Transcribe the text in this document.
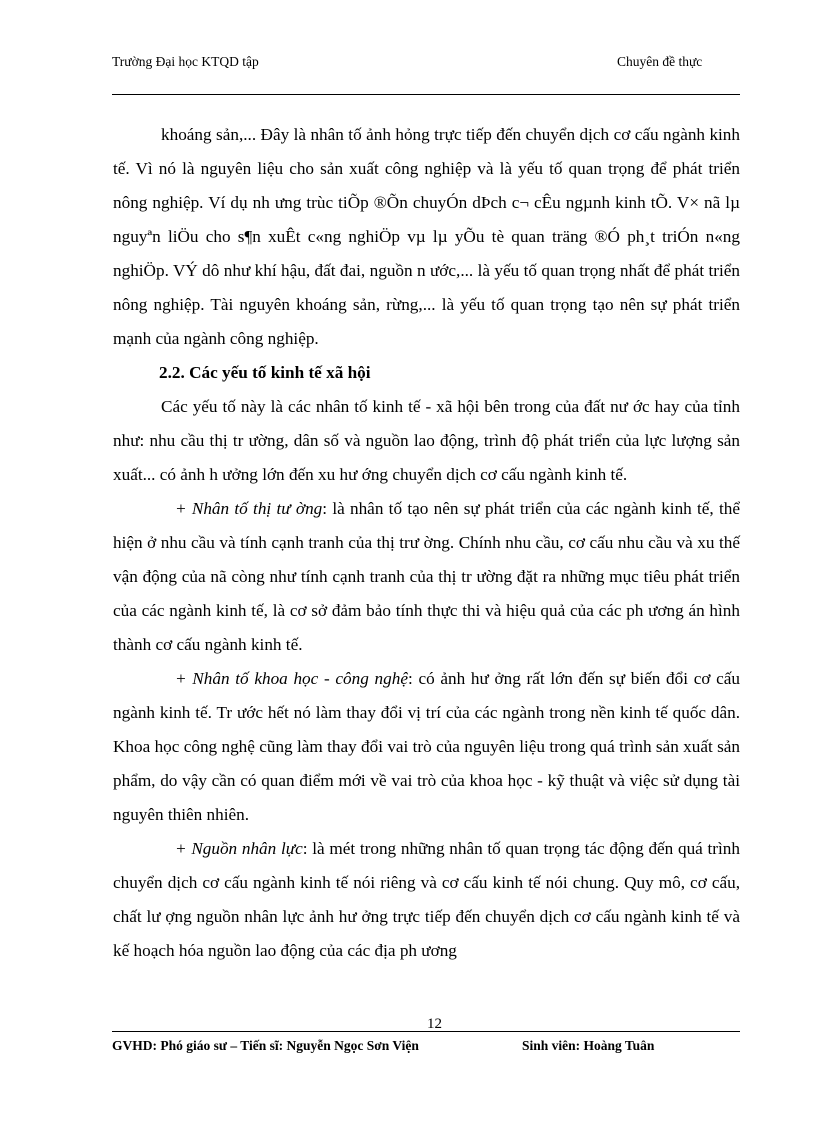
Trường Đại học KTQD tập	Chuyên đề thực

khoáng sản,... Đây là nhân tố ảnh hỏng trực tiếp đến chuyển dịch cơ cấu ngành kinh tế. Vì nó là nguyên liệu cho sản xuất công nghiệp và là yếu tố quan trọng để phát triển nông nghiệp. Ví dụ nh ưng trùc tiÕp ®Õn chuyÓn dÞch c¬ cÊu ngµnh kinh tÕ. V× nã lµ nguyªn liÖu cho s¶n xuÊt c«ng nghiÖp vµ lµ yÕu tè quan träng ®Ó ph¸t triÓn n«ng nghiÖp. VÝ dô như khí hậu, đất đai, nguồn n ước,... là yếu tố quan trọng nhất để phát triển nông nghiệp. Tài nguyên khoáng sản, rừng,... là yếu tố quan trọng tạo nên sự phát triển mạnh của ngành công nghiệp.

2.2. Các yếu tố kinh tế xã hội

Các yếu tố này là các nhân tố kinh tế - xã hội bên trong của đất nư ớc hay của tỉnh như: nhu cầu thị tr ường, dân số và nguồn lao động, trình độ phát triển của lực lượng sản xuất... có ảnh h ưởng lớn đến xu hư ớng chuyển dịch cơ cấu ngành kinh tế.

+ Nhân tố thị tư ờng: là nhân tố tạo nên sự phát triển của các ngành kinh tế, thể hiện ở nhu cầu và tính cạnh tranh của thị trư ờng. Chính nhu cầu, cơ cấu nhu cầu và xu thế vận động của nã còng như tính cạnh tranh của thị tr ường đặt ra những mục tiêu phát triển của các ngành kinh tế, là cơ sở đảm bảo tính thực thi và hiệu quả của các ph ương án hình thành cơ cấu ngành kinh tế.

+ Nhân tố khoa học - công nghệ: có ảnh hư ởng rất lớn đến sự biến đổi cơ cấu ngành kinh tế. Tr ước hết nó làm thay đổi vị trí của các ngành trong nền kinh tế quốc dân. Khoa học công nghệ cũng làm thay đổi vai trò của nguyên liệu trong quá trình sản xuất sản phẩm, do vậy cần có quan điểm mới về vai trò của khoa học - kỹ thuật và việc sử dụng tài nguyên thiên nhiên.

+ Nguồn nhân lực: là mét trong những nhân tố quan trọng tác động đến quá trình chuyển dịch cơ cấu ngành kinh tế nói riêng và cơ cấu kinh tế nói chung. Quy mô, cơ cấu, chất lư ợng nguồn nhân lực ảnh hư ởng trực tiếp đến chuyển dịch cơ cấu ngành kinh tế và kế hoạch hóa nguồn lao động của các địa ph ương

12
GVHD: Phó giáo sư – Tiến sĩ: Nguyễn Ngọc Sơn Viện	Sinh viên: Hoàng Tuân
